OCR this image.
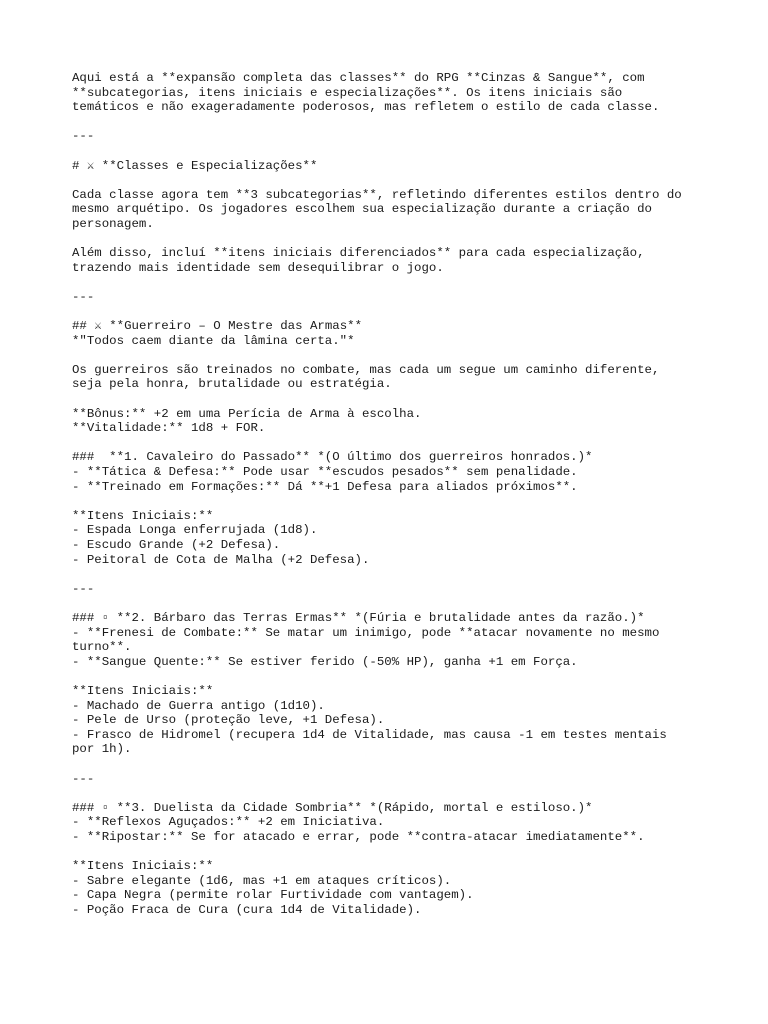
Aqui está a **expansão completa das classes** do RPG **Cinzas & Sangue**, com
**subcategorias, itens iniciais e especializações**. Os itens iniciais são
temáticos e não exageradamente poderosos, mas refletem o estilo de cada classe.
---
# ⚔ **Classes e Especializações**
Cada classe agora tem **3 subcategorias**, refletindo diferentes estilos dentro do
mesmo arquétipo. Os jogadores escolhem sua especialização durante a criação do
personagem.
Além disso, incluí **itens iniciais diferenciados** para cada especialização,
trazendo mais identidade sem desequilibrar o jogo.
---
## ⚔ **Guerreiro – O Mestre das Armas**
*"Todos caem diante da lâmina certa."*
Os guerreiros são treinados no combate, mas cada um segue um caminho diferente,
seja pela honra, brutalidade ou estratégia.
**Bônus:** +2 em uma Perícia de Arma à escolha.
**Vitalidade:** 1d8 + FOR.
###  **1. Cavaleiro do Passado** *(O último dos guerreiros honrados.)*
- **Tática & Defesa:** Pode usar **escudos pesados** sem penalidade.
- **Treinado em Formações:** Dá **+1 Defesa para aliados próximos**.
**Itens Iniciais:**
- Espada Longa enferrujada (1d8).
- Escudo Grande (+2 Defesa).
- Peitoral de Cota de Malha (+2 Defesa).
---
### ▫ **2. Bárbaro das Terras Ermas** *(Fúria e brutalidade antes da razão.)*
- **Frenesi de Combate:** Se matar um inimigo, pode **atacar novamente no mesmo
turno**.
- **Sangue Quente:** Se estiver ferido (-50% HP), ganha +1 em Força.
**Itens Iniciais:**
- Machado de Guerra antigo (1d10).
- Pele de Urso (proteção leve, +1 Defesa).
- Frasco de Hidromel (recupera 1d4 de Vitalidade, mas causa -1 em testes mentais
por 1h).
---
### ▫ **3. Duelista da Cidade Sombria** *(Rápido, mortal e estiloso.)*
- **Reflexos Aguçados:** +2 em Iniciativa.
- **Ripostar:** Se for atacado e errar, pode **contra-atacar imediatamente**.
**Itens Iniciais:**
- Sabre elegante (1d6, mas +1 em ataques críticos).
- Capa Negra (permite rolar Furtividade com vantagem).
- Poção Fraca de Cura (cura 1d4 de Vitalidade).
